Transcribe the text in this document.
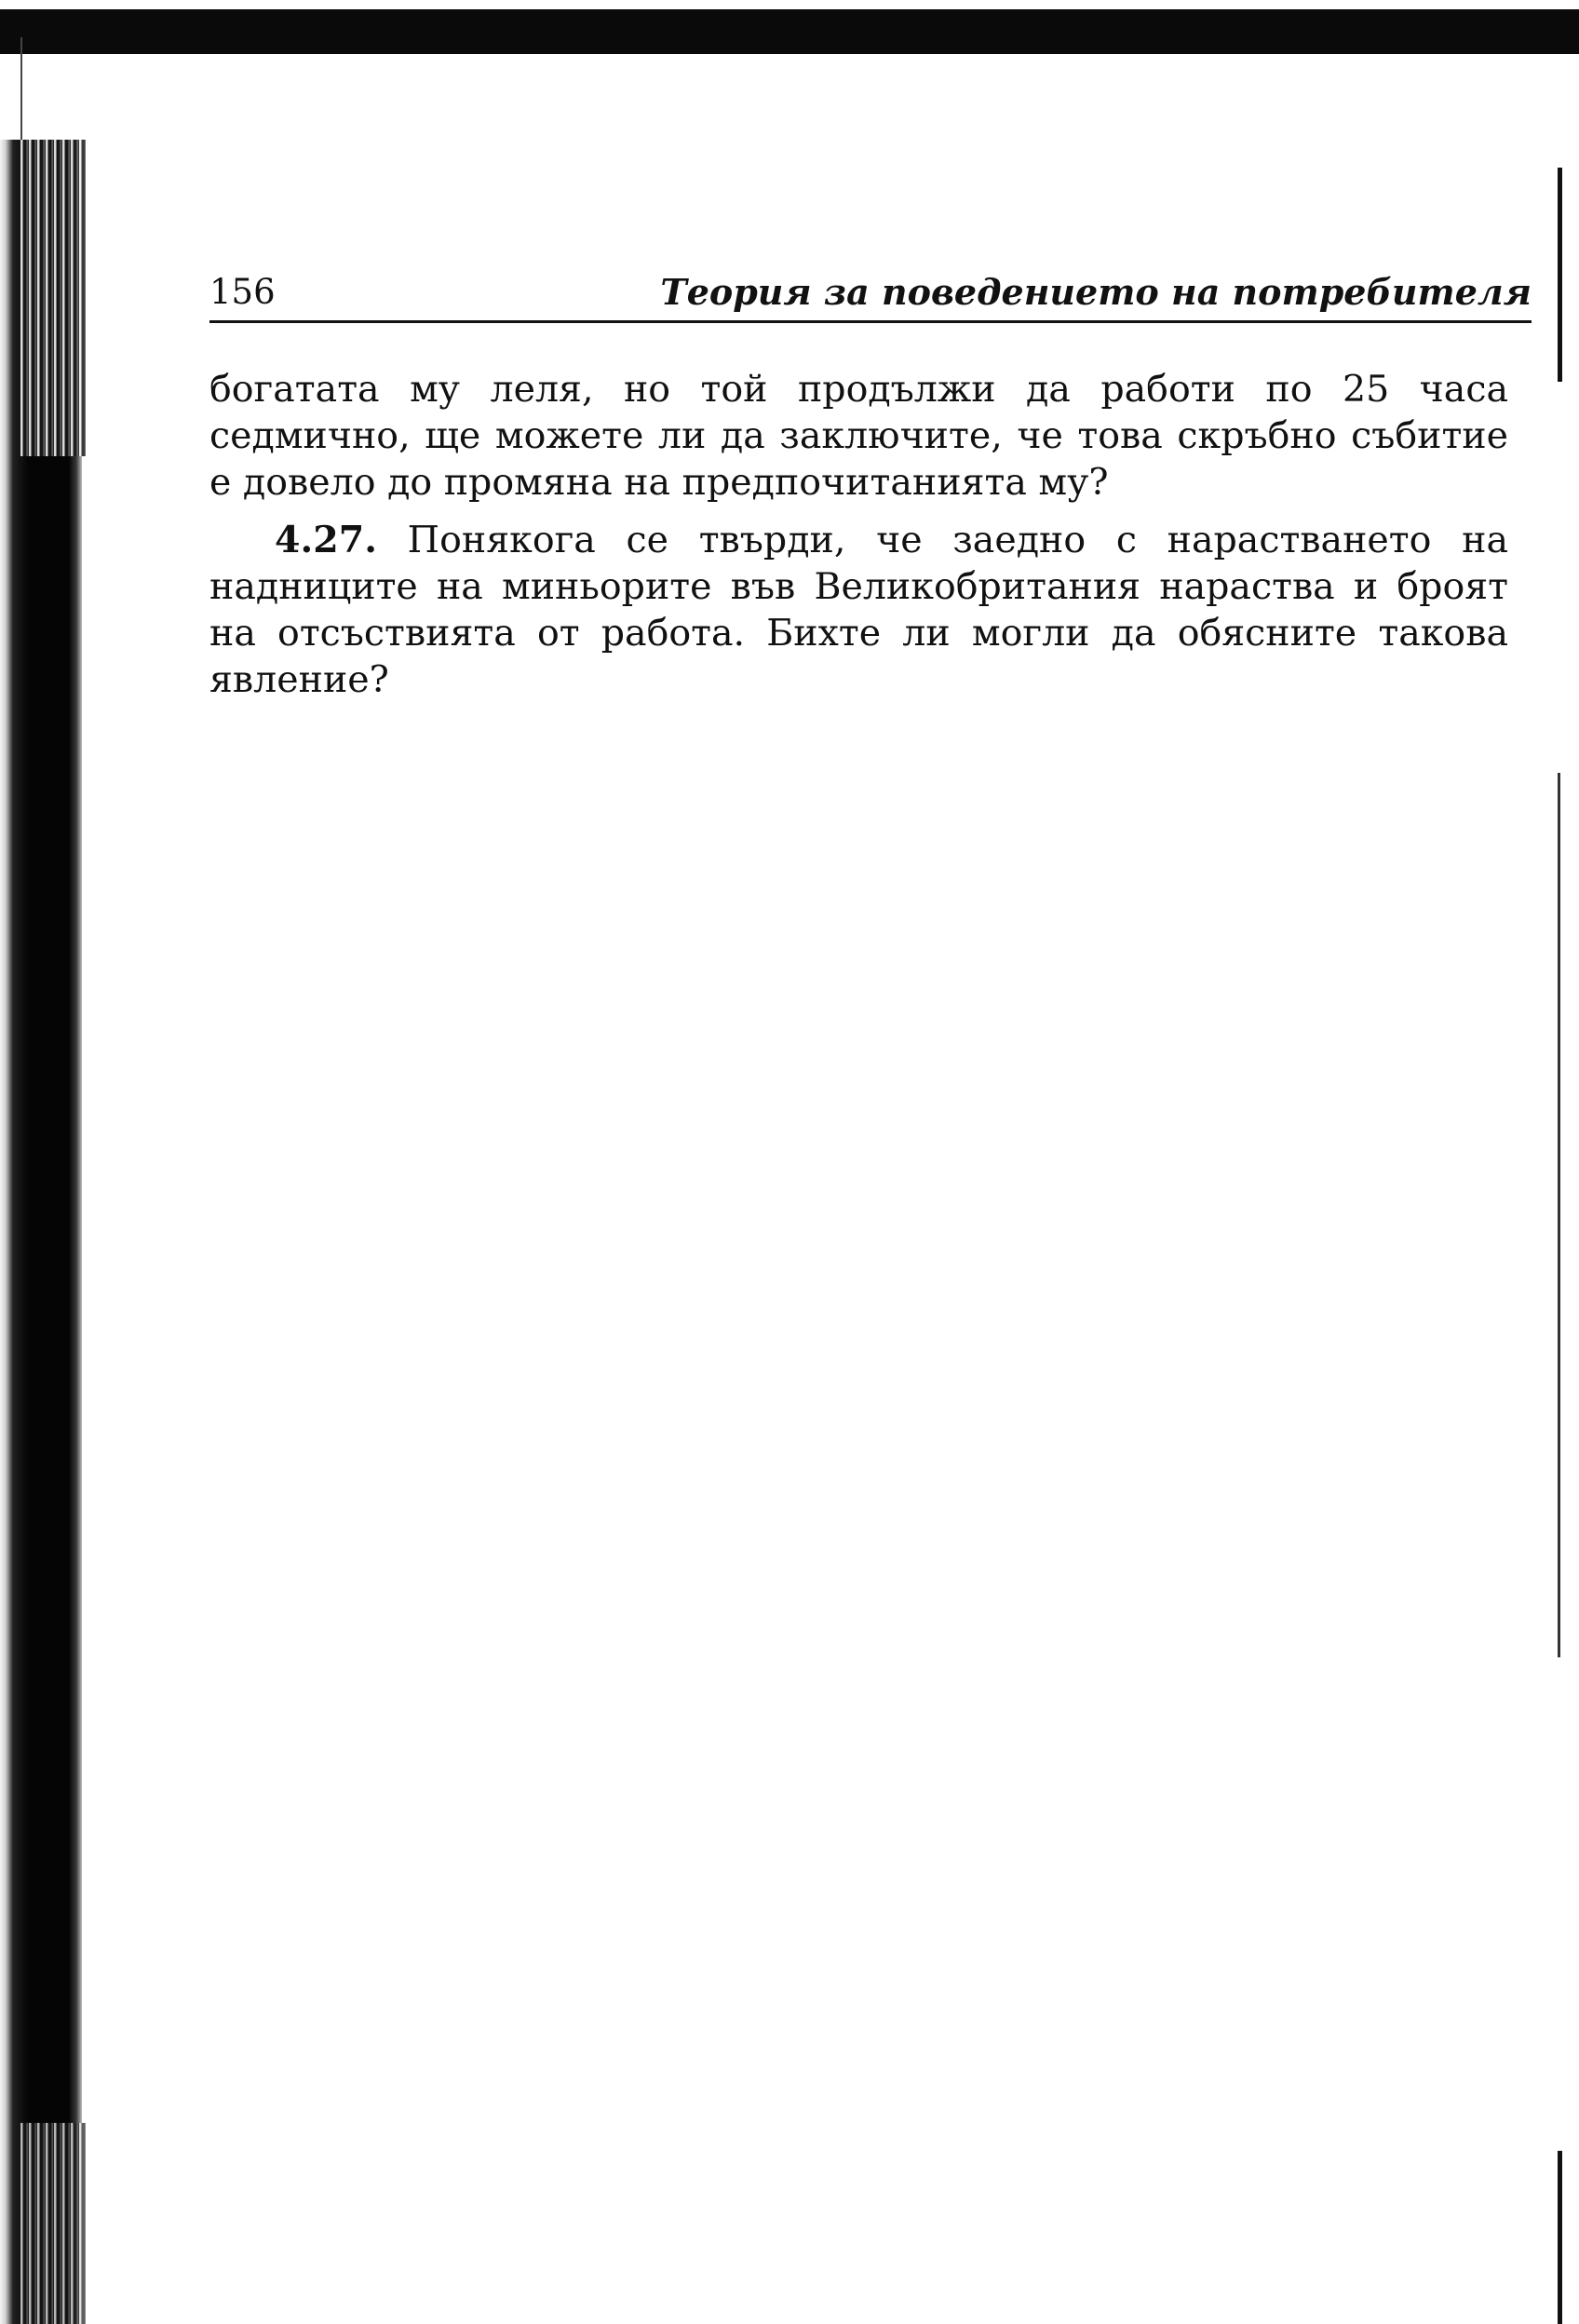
156	Теория за поведението на потребителя

богатата му леля, но той продължи да работи по 25 часа седмично, ще можете ли да заключите, че това скръбно събитие е довело до промяна на предпочитанията му?

4.27. Понякога се твърди, че заедно с нарастването на надниците на миньорите във Великобритания нараства и броят на отсъствията от работа. Бихте ли могли да обясните такова явление?
